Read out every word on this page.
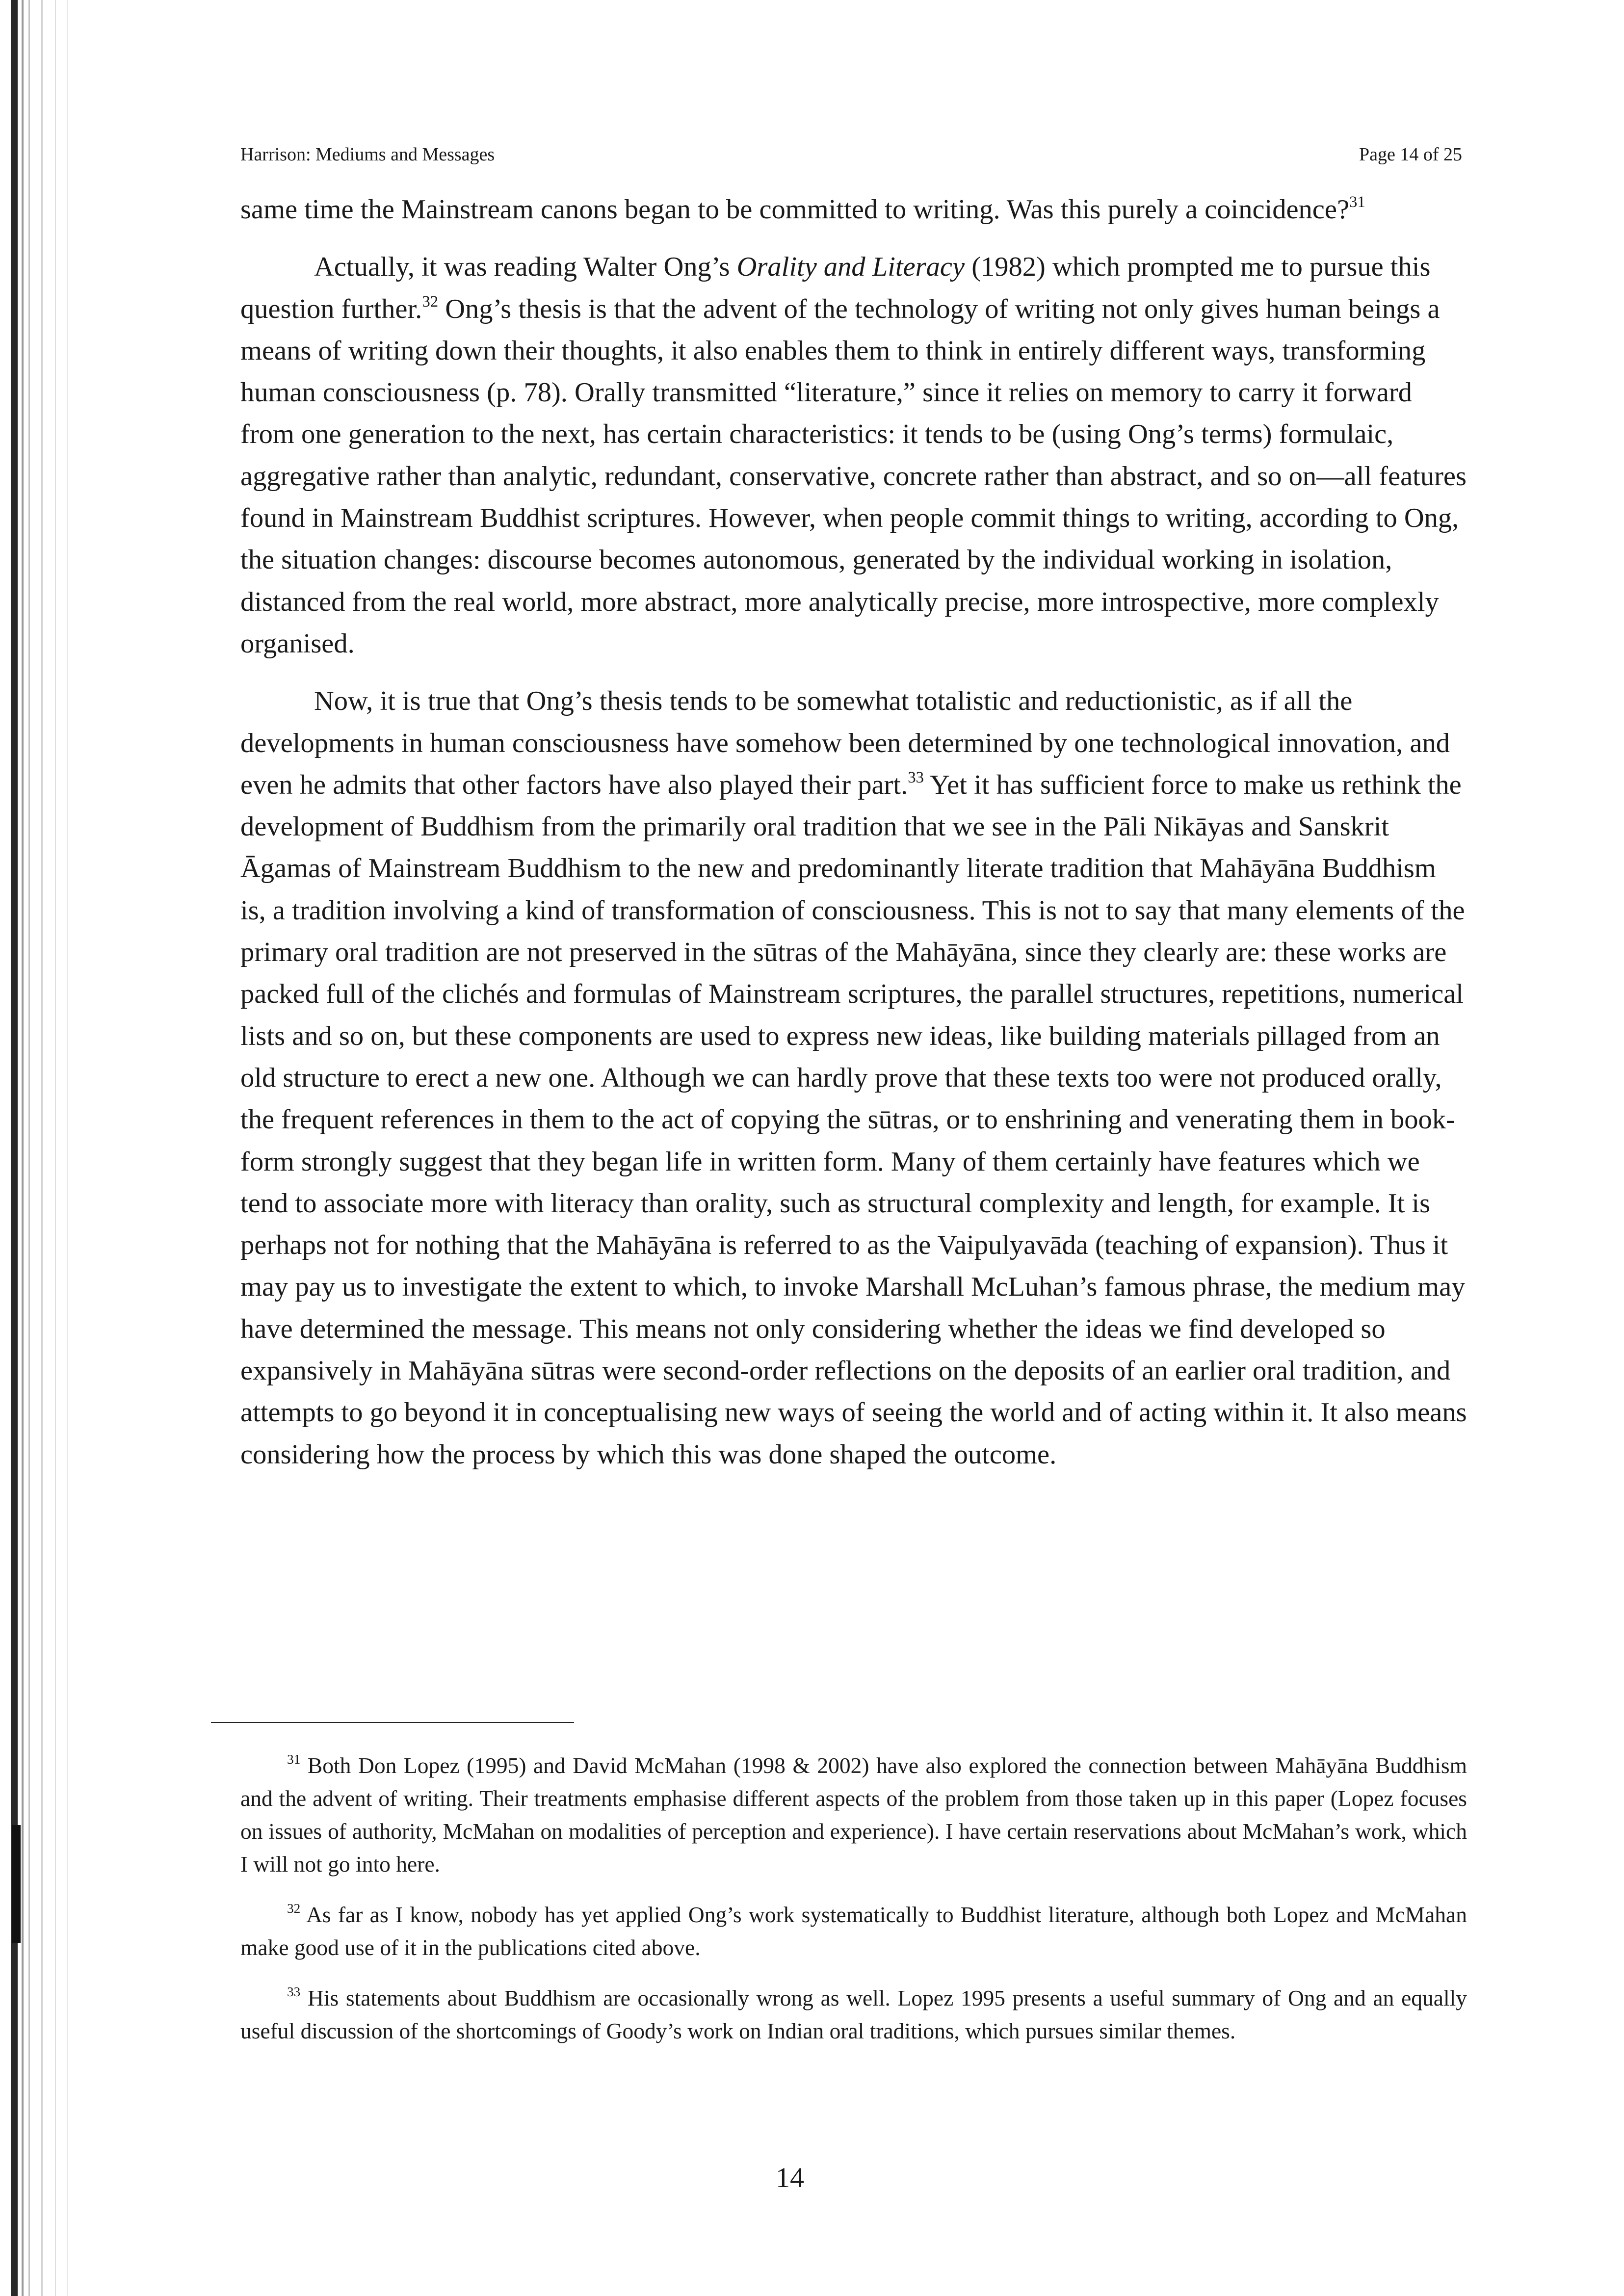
Harrison: Mediums and Messages	Page 14 of 25

same time the Mainstream canons began to be committed to writing. Was this purely a coincidence?$^{31}$

Actually, it was reading Walter Ong’s Orality and Literacy (1982) which prompted me to pursue this question further.$^{32}$ Ong’s thesis is that the advent of the technology of writing not only gives human beings a means of writing down their thoughts, it also enables them to think in entirely different ways, transforming human consciousness (p. 78). Orally transmitted “literature,” since it relies on memory to carry it forward from one generation to the next, has certain characteristics: it tends to be (using Ong’s terms) formulaic, aggregative rather than analytic, redundant, conservative, concrete rather than abstract, and so on—all features found in Mainstream Buddhist scriptures. However, when people commit things to writing, according to Ong, the situation changes: discourse becomes autonomous, generated by the individual working in isolation, distanced from the real world, more abstract, more analytically precise, more introspective, more complexly organised.

Now, it is true that Ong’s thesis tends to be somewhat totalistic and reductionistic, as if all the developments in human consciousness have somehow been determined by one technological innovation, and even he admits that other factors have also played their part.$^{33}$ Yet it has sufficient force to make us rethink the development of Buddhism from the primarily oral tradition that we see in the Pāli Nikāyas and Sanskrit Āgamas of Mainstream Buddhism to the new and predominantly literate tradition that Mahāyāna Buddhism is, a tradition involving a kind of transformation of consciousness. This is not to say that many elements of the primary oral tradition are not preserved in the sūtras of the Mahāyāna, since they clearly are: these works are packed full of the clichés and formulas of Mainstream scriptures, the parallel structures, repetitions, numerical lists and so on, but these components are used to express new ideas, like building materials pillaged from an old structure to erect a new one. Although we can hardly prove that these texts too were not produced orally, the frequent references in them to the act of copying the sūtras, or to enshrining and venerating them in book-form strongly suggest that they began life in written form. Many of them certainly have features which we tend to associate more with literacy than orality, such as structural complexity and length, for example. It is perhaps not for nothing that the Mahāyāna is referred to as the Vaipulyavāda (teaching of expansion). Thus it may pay us to investigate the extent to which, to invoke Marshall McLuhan’s famous phrase, the medium may have determined the message. This means not only considering whether the ideas we find developed so expansively in Mahāyāna sūtras were second-order reflections on the deposits of an earlier oral tradition, and attempts to go beyond it in conceptualising new ways of seeing the world and of acting within it. It also means considering how the process by which this was done shaped the outcome.

$^{31}$ Both Don Lopez (1995) and David McMahan (1998 & 2002) have also explored the connection between Mahāyāna Buddhism and the advent of writing. Their treatments emphasise different aspects of the problem from those taken up in this paper (Lopez focuses on issues of authority, McMahan on modalities of perception and experience). I have certain reservations about McMahan’s work, which I will not go into here.

$^{32}$ As far as I know, nobody has yet applied Ong’s work systematically to Buddhist literature, although both Lopez and McMahan make good use of it in the publications cited above.

$^{33}$ His statements about Buddhism are occasionally wrong as well. Lopez 1995 presents a useful summary of Ong and an equally useful discussion of the shortcomings of Goody’s work on Indian oral traditions, which pursues similar themes.

14
